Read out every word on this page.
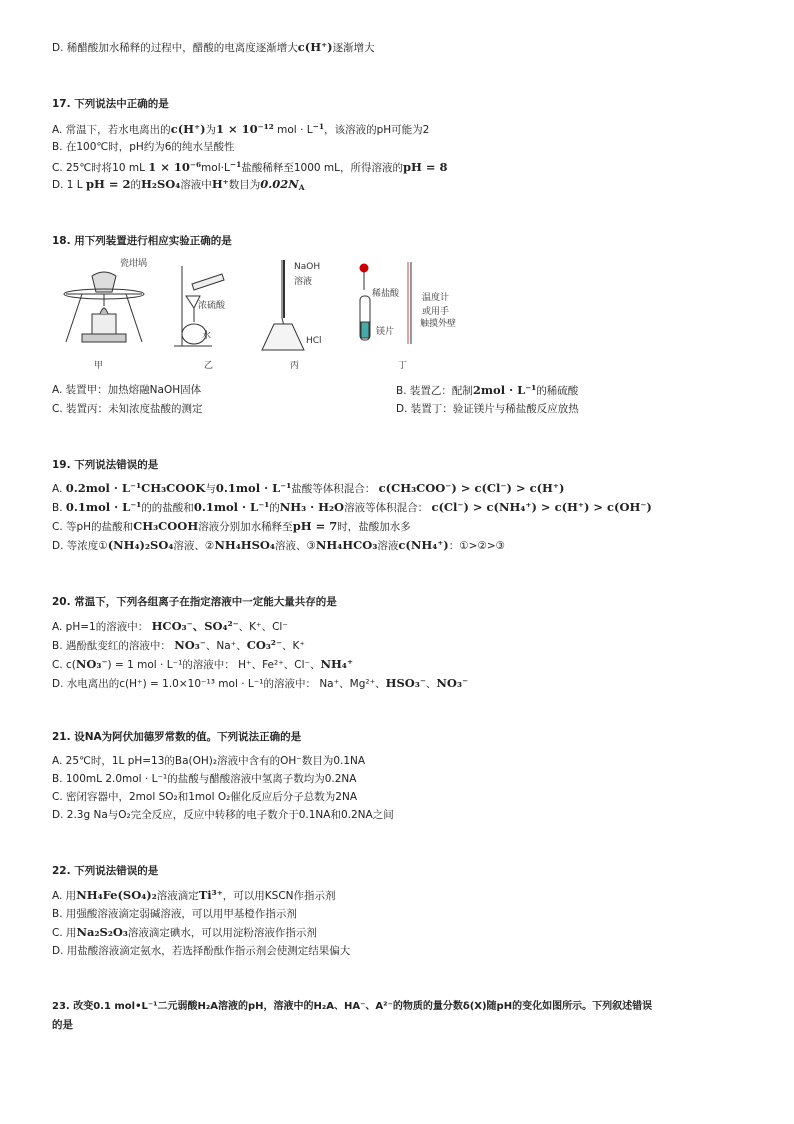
D. 稀醋酸加水稀释的过程中，醋酸的电离度逐渐增大c(H⁺)逐渐增大
17. 下列说法中正确的是
A. 常温下，若水电离出的c(H⁺)为1 × 10⁻¹² mol · $L^{-1}$，该溶液的pH可能为2
B. 在100℃时，pH约为6的纯水呈酸性
C. 25℃时将10 mL $1 \times 10^{-6}mol\cdot L^{-1}$盐酸稀释至1000 mL，所得溶液的pH = 8
D. 1 L pH = 2的H₂SO₄溶液中H⁺数目为$0.02N_A$
18. 用下列装置进行相应实验正确的是
瓷坩埚
浓硫酸
水
NaOH
溶液
HCl
稀盐酸	温度计
或用手
触摸外壁
镁片
甲	乙	丙	丁
A. 装置甲：加热熔融NaOH固体	B. 装置乙：配制2mol · L⁻¹的稀硫酸
C. 装置丙：未知浓度盐酸的测定	D. 装置丁：验证镁片与稀盐酸反应放热
19. 下列说法错误的是
A. 0.2mol · L⁻¹CH₃COOK与0.1mol · L⁻¹盐酸等体积混合： c(CH₃COO⁻) > c(Cl⁻) > c(H⁺)
B. 0.1mol · L⁻¹的的盐酸和0.1mol · L⁻¹的NH₃ · H₂O溶液等体积混合： c(Cl⁻) > c(NH₄⁺) > c(H⁺) > c(OH⁻)
C. 等pH的盐酸和CH₃COOH溶液分别加水稀释至pH = 7时，盐酸加水多
D. 等浓度①(NH₄)₂SO₄溶液、②NH₄HSO₄溶液、③NH₄HCO₃溶液c(NH₄⁺)：①>②>③
20. 常温下，下列各组离子在指定溶液中一定能大量共存的是
A. pH=1的溶液中： HCO₃⁻、SO₄²⁻、K⁺、Cl⁻
B. 遇酚酞变红的溶液中： NO₃⁻、Na⁺、CO₃²⁻、K⁺
C. c(NO₃⁻) = 1 mol · L⁻¹的溶液中： H⁺、Fe²⁺、Cl⁻、NH₄⁺
D. 水电离出的c(H⁺) = 1.0×10⁻¹³ mol · L⁻¹的溶液中： Na⁺、Mg²⁺、HSO₃⁻、NO₃⁻
21. 设NA为阿伏加德罗常数的值。下列说法正确的是
A. 25℃时，1L pH=13的Ba(OH)₂溶液中含有的OH⁻数目为0.1NA
B. 100mL 2.0mol · L⁻¹的盐酸与醋酸溶液中氢离子数均为0.2NA
C. 密闭容器中，2mol SO₂和1mol O₂催化反应后分子总数为2NA
D. 2.3g Na与O₂完全反应，反应中转移的电子数介于0.1NA和0.2NA之间
22. 下列说法错误的是
A. 用NH₄Fe(SO₄)₂溶液滴定Ti³⁺，可以用KSCN作指示剂
B. 用强酸溶液滴定弱碱溶液，可以用甲基橙作指示剂
C. 用Na₂S₂O₃溶液滴定碘水，可以用淀粉溶液作指示剂
D. 用盐酸溶液滴定氨水，若选择酚酞作指示剂会使测定结果偏大
23. 改变0.1 mol•L⁻¹二元弱酸H₂A溶液的pH，溶液中的H₂A、HA⁻、A²⁻的物质的量分数δ(X)随pH的变化如图所示。下列叙述错误
的是
